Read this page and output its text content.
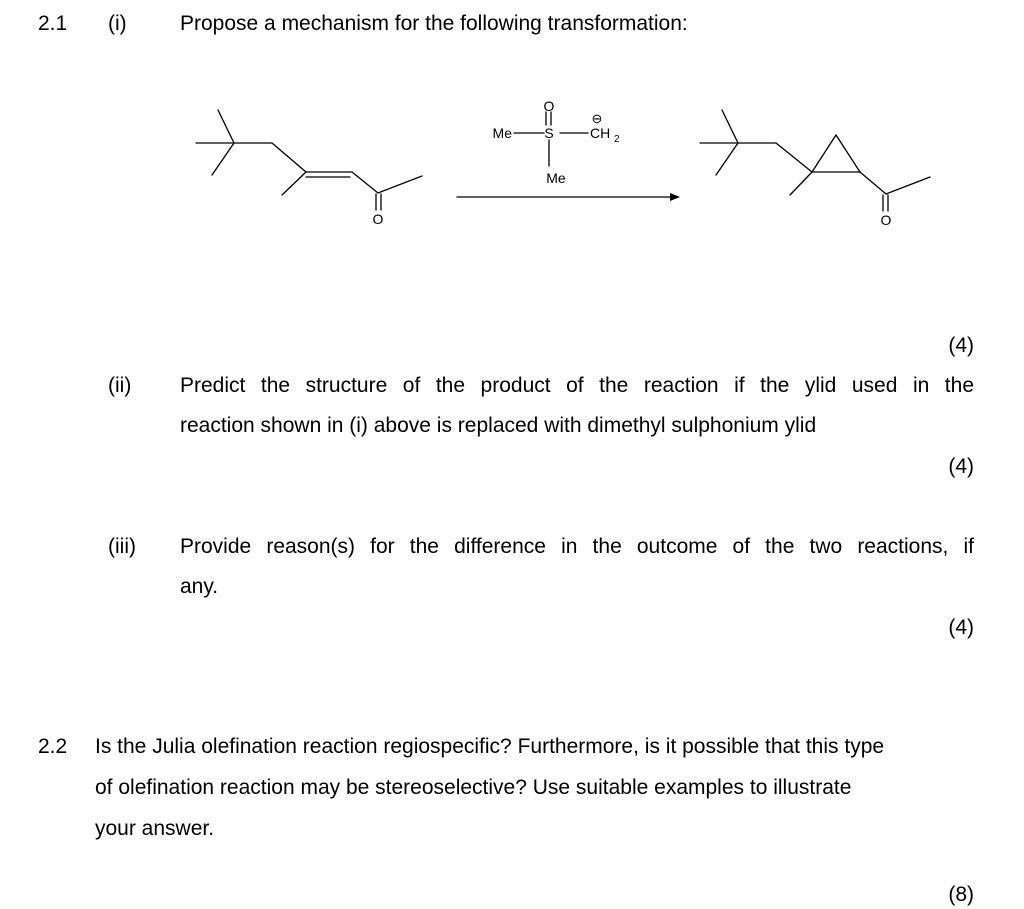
2.1 (i)	Propose a mechanism for the following transformation:
O	O
Me S
O
⊖
CH 2
Me
(4)
(ii) Predict the structure of the product of the reaction if the ylid used in the
reaction shown in (i) above is replaced with dimethyl sulphonium ylid
(4)
(iii) Provide reason(s) for the difference in the outcome of the two reactions, if
any.
(4)
2.2 Is the Julia olefination reaction regiospecific? Furthermore, is it possible that this type
of olefination reaction may be stereoselective? Use suitable examples to illustrate
your answer.
(8)
